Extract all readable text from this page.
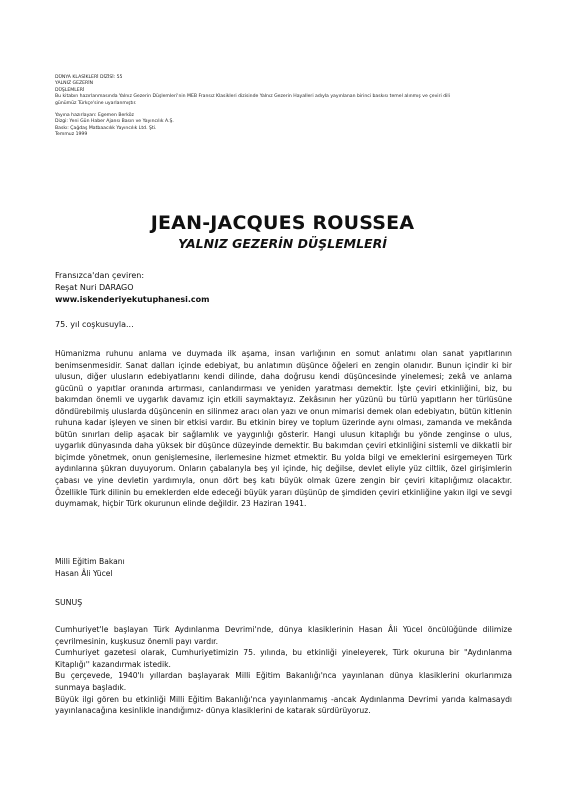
DÜNYA KLASİKLERİ DİZİSİ: 55
YALNIZ GEZERİN
DÜŞLEMLERİ
Bu kitabın hazırlanmasında Yalnız Gezerin Düşlemleri'nin MEB Fransız Klasikleri dizisinde Yalnız Gezerin Hayalleri adıyla yayınlanan birinci baskısı temel alınmış ve çeviri dili
günümüz Türkçe'sine uyarlanmıştır.
Yayına hazırlayan: Egemen Berköz
Dizgi: Yeni Gün Haber Ajansı Basın ve Yayıncılık A.Ş.
Baskı: Çağdaş Matbaacılık Yayıncılık Ltd. Şti.
Temmuz 1999
JEAN-JACQUES ROUSSEA
YALNIZ GEZERİN DÜŞLEMLERİ
Fransızca'dan çeviren:
Reşat Nuri DARAGO
www.iskenderiyekutuphanesi.com
75. yıl coşkusuyla...

Hümanizma ruhunu anlama ve duymada ilk aşama, insan varlığının en somut anlatımı olan sanat yapıtlarının benimsenmesidir. Sanat dalları içinde edebiyat, bu anlatımın düşünce öğeleri en zengin olanıdır. Bunun içindir ki bir ulusun, diğer ulusların edebiyatlarını kendi dilinde, daha doğrusu kendi düşüncesinde yinelemesi; zekâ ve anlama gücünü o yapıtlar oranında artırması, canlandırması ve yeniden yaratması demektir. İşte çeviri etkinliğini, biz, bu bakımdan önemli ve uygarlık davamız için etkili saymaktayız. Zekâsının her yüzünü bu türlü yapıtların her türlüsüne döndürebilmiş uluslarda düşüncenin en silinmez aracı olan yazı ve onun mimarisi demek olan edebiyatın, bütün kitlenin ruhuna kadar işleyen ve sinen bir etkisi vardır. Bu etkinin birey ve toplum üzerinde aynı olması, zamanda ve mekânda bütün sınırları delip aşacak bir sağlamlık ve yaygınlığı gösterir. Hangi ulusun kitaplığı bu yönde zenginse o ulus, uygarlık dünyasında daha yüksek bir düşünce düzeyinde demektir. Bu bakımdan çeviri etkinliğini sistemli ve dikkatli bir biçimde yönetmek, onun genişlemesine, ilerlemesine hizmet etmektir. Bu yolda bilgi ve emeklerini esirgemeyen Türk aydınlarına şükran duyuyorum. Onların çabalarıyla beş yıl içinde, hiç değilse, devlet eliyle yüz ciltlik, özel girişimlerin çabası ve yine devletin yardımıyla, onun dört beş katı büyük olmak üzere zengin bir çeviri kitaplığımız olacaktır. Özellikle Türk dilinin bu emeklerden elde edeceği büyük yararı düşünüp de şimdiden çeviri etkinliğine yakın ilgi ve sevgi duymamak, hiçbir Türk okurunun elinde değildir. 23 Haziran 1941.

Milli Eğitim Bakanı
Hasan Âli Yücel
SUNUŞ

Cumhuriyet'le başlayan Türk Aydınlanma Devrimi'nde, dünya klasiklerinin Hasan Âli Yücel öncülüğünde dilimize çevrilmesinin, kuşkusuz önemli payı vardır.

Cumhuriyet gazetesi olarak, Cumhuriyetimizin 75. yılında, bu etkinliği yineleyerek, Türk okuruna bir "Aydınlanma Kitaplığı'' kazandırmak istedik.

Bu çerçevede, 1940'lı yıllardan başlayarak Milli Eğitim Bakanlığı'nca yayınlanan dünya klasiklerini okurlarımıza sunmaya başladık.

Büyük ilgi gören bu etkinliği Milli Eğitim Bakanlığı'nca yayınlanmamış -ancak Aydınlanma Devrimi yarıda kalmasaydı yayınlanacağına kesinlikle inandığımız- dünya klasiklerini de katarak sürdürüyoruz.
